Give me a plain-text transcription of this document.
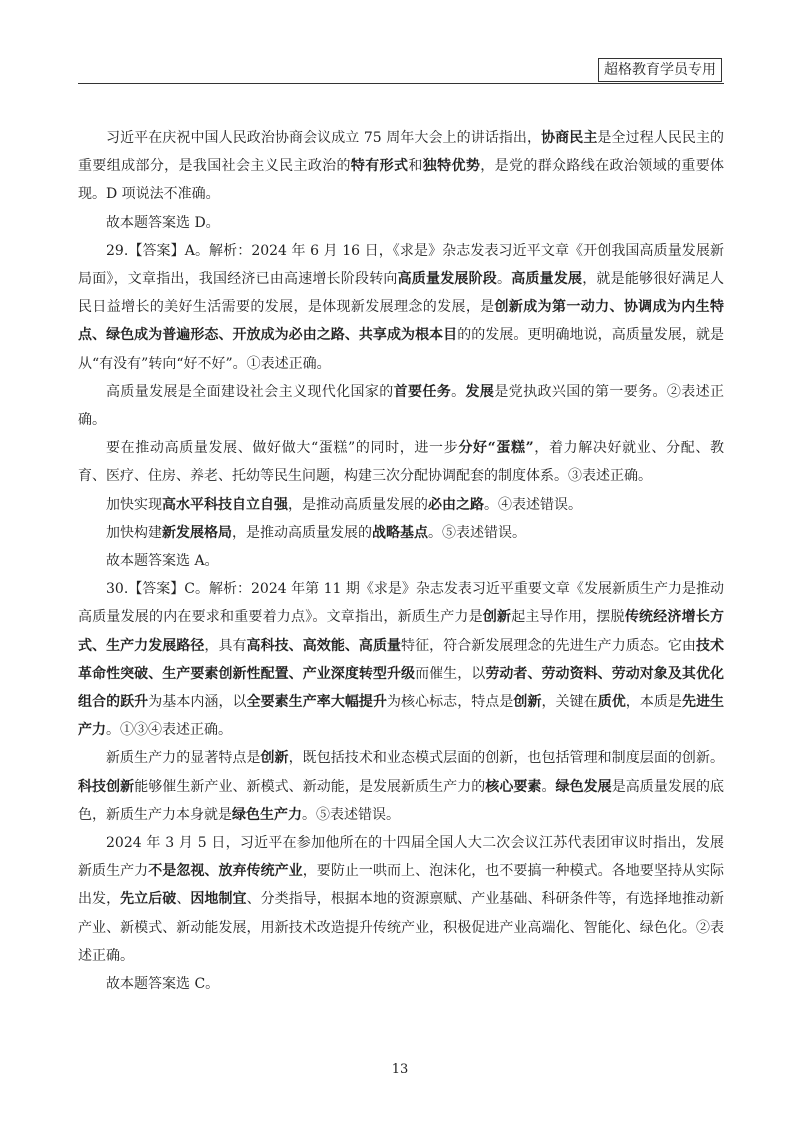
超格教育学员专用

习近平在庆祝中国人民政治协商会议成立 75 周年大会上的讲话指出，协商民主是全过程人民民主的重要组成部分，是我国社会主义民主政治的特有形式和独特优势，是党的群众路线在政治领域的重要体现。D 项说法不准确。

故本题答案选 D。

29.【答案】A。解析：2024 年 6 月 16 日，《求是》杂志发表习近平文章《开创我国高质量发展新局面》，文章指出，我国经济已由高速增长阶段转向高质量发展阶段。高质量发展，就是能够很好满足人民日益增长的美好生活需要的发展，是体现新发展理念的发展，是创新成为第一动力、协调成为内生特点、绿色成为普遍形态、开放成为必由之路、共享成为根本目的的发展。更明确地说，高质量发展，就是从“有没有”转向“好不好”。①表述正确。

高质量发展是全面建设社会主义现代化国家的首要任务。发展是党执政兴国的第一要务。②表述正确。

要在推动高质量发展、做好做大“蛋糕”的同时，进一步分好“蛋糕”，着力解决好就业、分配、教育、医疗、住房、养老、托幼等民生问题，构建三次分配协调配套的制度体系。③表述正确。

加快实现高水平科技自立自强，是推动高质量发展的必由之路。④表述错误。

加快构建新发展格局，是推动高质量发展的战略基点。⑤表述错误。

故本题答案选 A。

30.【答案】C。解析：2024 年第 11 期《求是》杂志发表习近平重要文章《发展新质生产力是推动高质量发展的内在要求和重要着力点》。文章指出，新质生产力是创新起主导作用，摆脱传统经济增长方式、生产力发展路径，具有高科技、高效能、高质量特征，符合新发展理念的先进生产力质态。它由技术革命性突破、生产要素创新性配置、产业深度转型升级而催生，以劳动者、劳动资料、劳动对象及其优化组合的跃升为基本内涵，以全要素生产率大幅提升为核心标志，特点是创新，关键在质优，本质是先进生产力。①③④表述正确。

新质生产力的显著特点是创新，既包括技术和业态模式层面的创新，也包括管理和制度层面的创新。科技创新能够催生新产业、新模式、新动能，是发展新质生产力的核心要素。绿色发展是高质量发展的底色，新质生产力本身就是绿色生产力。⑤表述错误。

2024 年 3 月 5 日，习近平在参加他所在的十四届全国人大二次会议江苏代表团审议时指出，发展新质生产力不是忽视、放弃传统产业，要防止一哄而上、泡沫化，也不要搞一种模式。各地要坚持从实际出发，先立后破、因地制宜、分类指导，根据本地的资源禀赋、产业基础、科研条件等，有选择地推动新产业、新模式、新动能发展，用新技术改造提升传统产业，积极促进产业高端化、智能化、绿色化。②表述正确。

故本题答案选 C。

13
